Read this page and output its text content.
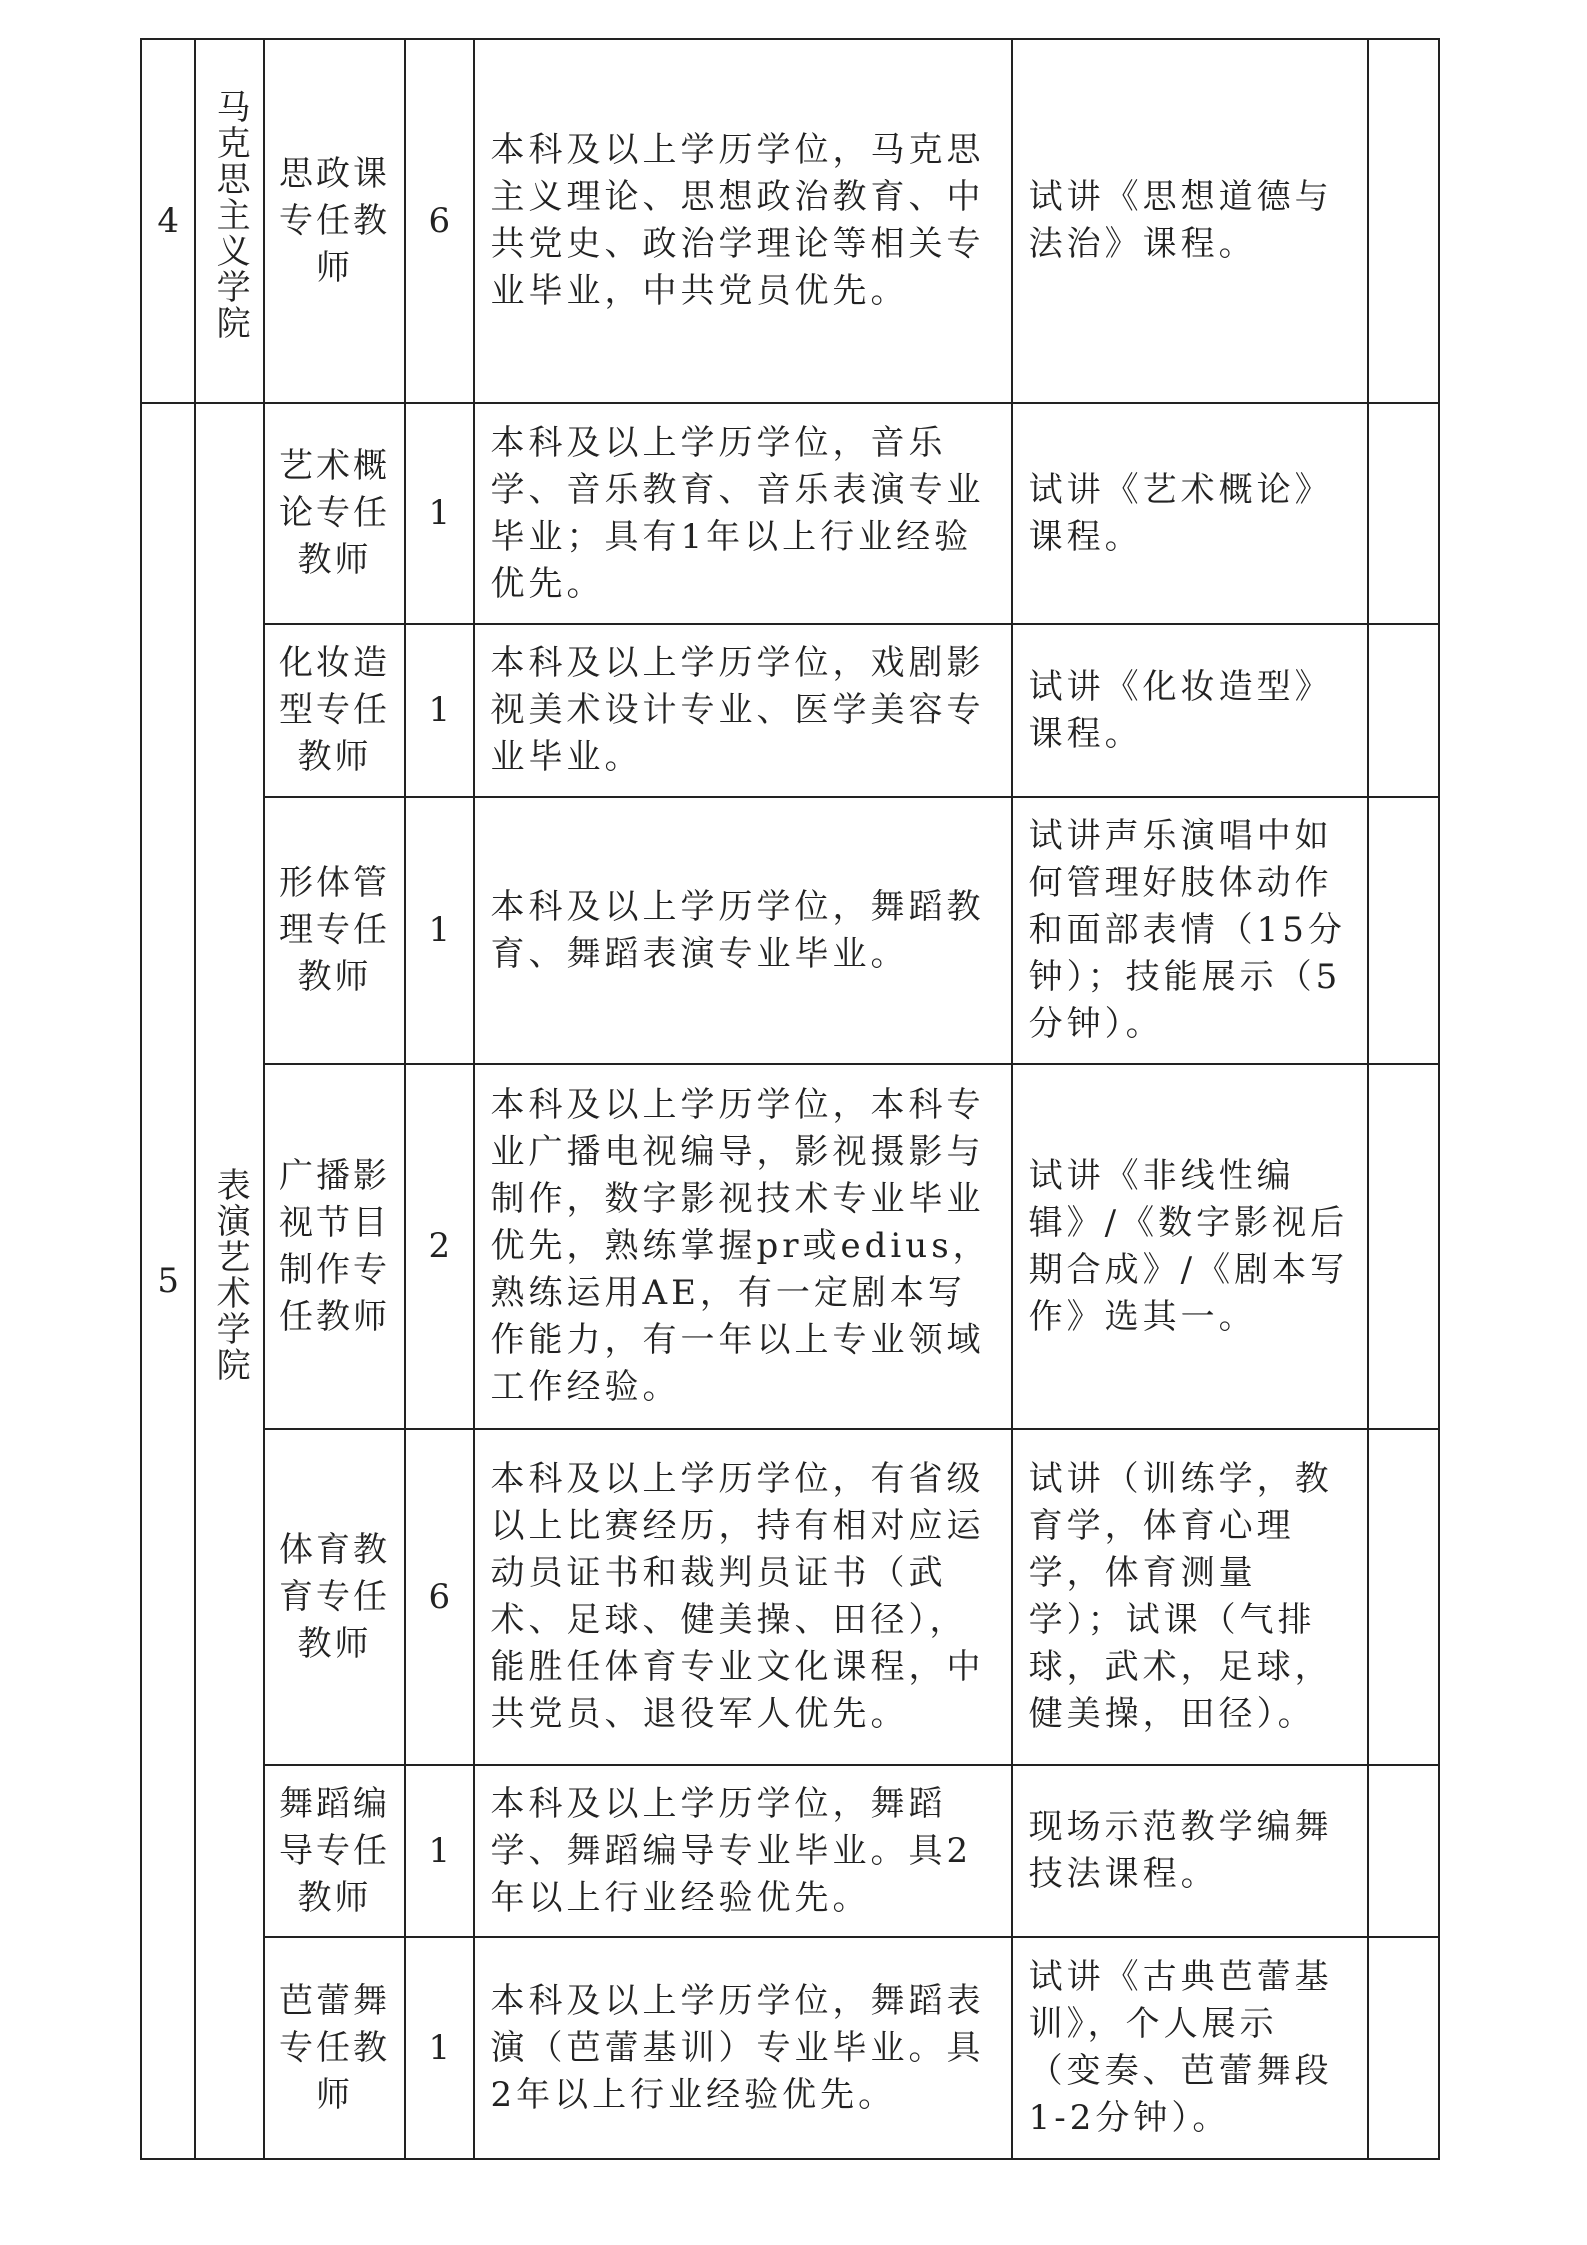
4	马克思主义学院	思政课专任教师	6	本科及以上学历学位，马克思主义理论、思想政治教育、中共党史、政治学理论等相关专业毕业，中共党员优先。	试讲《思想道德与法治》课程。	

5	表演艺术学院	艺术概论专任教师	1	本科及以上学历学位，音乐学、音乐教育、音乐表演专业毕业；具有1年以上行业经验优先。	试讲《艺术概论》课程。	

		化妆造型专任教师	1	本科及以上学历学位，戏剧影视美术设计专业、医学美容专业毕业。	试讲《化妆造型》课程。	

		形体管理专任教师	1	本科及以上学历学位，舞蹈教育、舞蹈表演专业毕业。	试讲声乐演唱中如何管理好肢体动作和面部表情（15分钟）；技能展示（5分钟）。	

		广播影视节目制作专任教师	2	本科及以上学历学位，本科专业广播电视编导，影视摄影与制作，数字影视技术专业毕业优先，熟练掌握pr或edius，熟练运用AE，有一定剧本写作能力，有一年以上专业领域工作经验。	试讲《非线性编辑》/《数字影视后期合成》/《剧本写作》选其一。	

		体育教育专任教师	6	本科及以上学历学位，有省级以上比赛经历，持有相对应运动员证书和裁判员证书（武术、足球、健美操、田径），能胜任体育专业文化课程，中共党员、退役军人优先。	试讲（训练学，教育学，体育心理学，体育测量学）；试课（气排球，武术，足球，健美操，田径）。	

		舞蹈编导专任教师	1	本科及以上学历学位，舞蹈学、舞蹈编导专业毕业。具2年以上行业经验优先。	现场示范教学编舞技法课程。	

		芭蕾舞专任教师	1	本科及以上学历学位，舞蹈表演（芭蕾基训）专业毕业。具2年以上行业经验优先。	试讲《古典芭蕾基训》，个人展示（变奏、芭蕾舞段1-2分钟）。	
